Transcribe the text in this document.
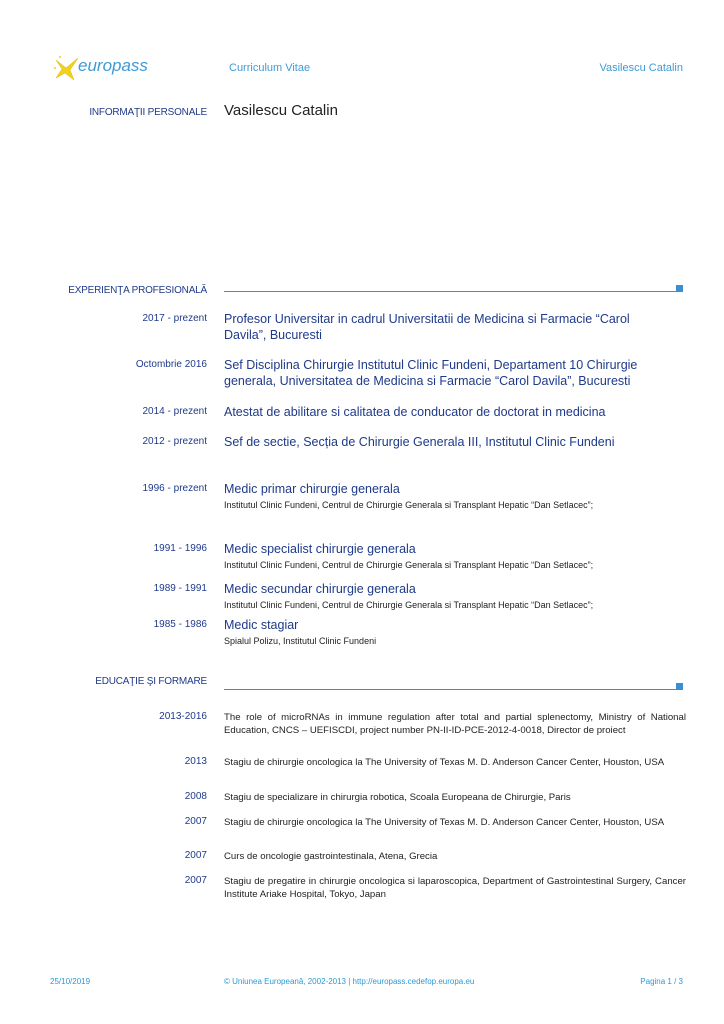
europass	Curriculum Vitae	Vasilescu Catalin
INFORMAŢII PERSONALE Vasilescu Catalin
EXPERIENŢA PROFESIONALĂ
2017 - prezent Profesor Universitar in cadrul Universitatii de Medicina si Farmacie “Carol Davila”, Bucuresti
Octombrie 2016 Sef Disciplina Chirurgie Institutul Clinic Fundeni, Departament 10 Chirurgie generala, Universitatea de Medicina si Farmacie “Carol Davila”, Bucuresti
2014 - prezent Atestat de abilitare si calitatea de conducator de doctorat in medicina
2012 - prezent Sef de sectie, Secția de Chirurgie Generala III, Institutul Clinic Fundeni
1996 - prezent Medic primar chirurgie generala
Institutul Clinic Fundeni, Centrul de Chirurgie Generala si Transplant Hepatic “Dan Setlacec”;
1991 - 1996 Medic specialist chirurgie generala
Institutul Clinic Fundeni, Centrul de Chirurgie Generala si Transplant Hepatic “Dan Setlacec”;
1989 - 1991 Medic secundar chirurgie generala
Institutul Clinic Fundeni, Centrul de Chirurgie Generala si Transplant Hepatic “Dan Setlacec”;
1985 - 1986 Medic stagiar
Spialul Polizu, Institutul Clinic Fundeni
EDUCAŢIE ŞI FORMARE
2013-2016 The role of microRNAs in immune regulation after total and partial splenectomy, Ministry of National Education, CNCS – UEFISCDI, project number PN-II-ID-PCE-2012-4-0018, Director de proiect
2013 Stagiu de chirurgie oncologica la The University of Texas M. D. Anderson Cancer Center, Houston, USA
2008 Stagiu de specializare in chirurgia robotica, Scoala Europeana de Chirurgie, Paris
2007 Stagiu de chirurgie oncologica la The University of Texas M. D. Anderson Cancer Center, Houston, USA
2007 Curs de oncologie gastrointestinala, Atena, Grecia
2007 Stagiu de pregatire in chirurgie oncologica si laparoscopica, Department of Gastrointestinal Surgery, Cancer Institute Ariake Hospital, Tokyo, Japan
25/10/2019	© Uniunea Europeană, 2002-2013 | http://europass.cedefop.europa.eu	Pagina 1 / 3
